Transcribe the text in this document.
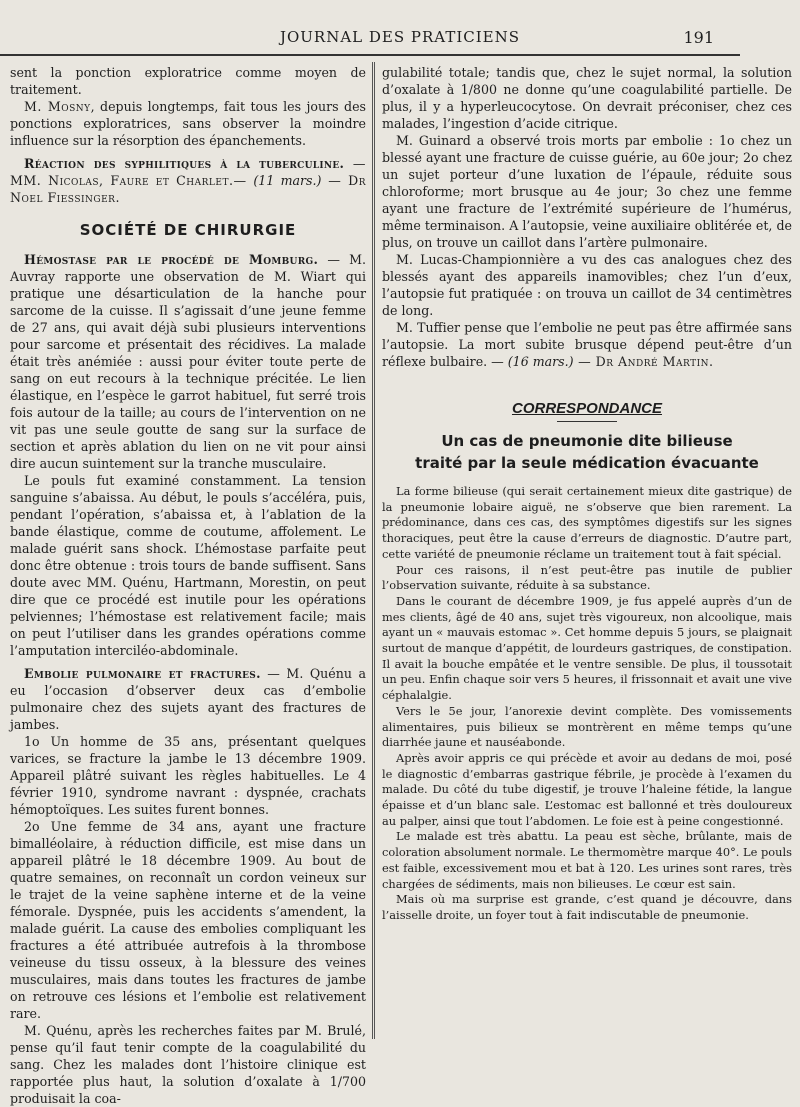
JOURNAL DES PRATICIENS	191

sent la ponction exploratrice comme moyen de traitement.

M. Mosny, depuis longtemps, fait tous les jours des ponctions exploratrices, sans observer la moindre influence sur la résorption des épanchements.

Réaction des syphilitiques à la tuberculine. — MM. Nicolas, Faure et Charlet.— (11 mars.) — Dr Noel Fiessinger.

SOCIÉTÉ DE CHIRURGIE

Hémostase par le procédé de Momburg. — M. Auvray rapporte une observation de M. Wiart qui pratique une désarticulation de la hanche pour sarcome de la cuisse. Il s’agissait d’une jeune femme de 27 ans, qui avait déjà subi plusieurs interventions pour sarcome et présentait des récidives. La malade était très anémiée : aussi pour éviter toute perte de sang on eut recours à la technique précitée. Le lien élastique, en l’espèce le garrot habituel, fut serré trois fois autour de la taille; au cours de l’intervention on ne vit pas une seule goutte de sang sur la surface de section et après ablation du lien on ne vit pour ainsi dire aucun suintement sur la tranche musculaire.

Le pouls fut examiné constamment. La tension sanguine s’abaissa. Au début, le pouls s’accéléra, puis, pendant l’opération, s’abaissa et, à l’ablation de la bande élastique, comme de coutume, affolement. Le malade guérit sans shock. L’hémostase parfaite peut donc être obtenue : trois tours de bande suffisent. Sans doute avec MM. Quénu, Hartmann, Morestin, on peut dire que ce procédé est inutile pour les opérations pelviennes; l’hémostase est relativement facile; mais on peut l’utiliser dans les grandes opérations comme l’amputation interciléo-abdominale.

Embolie pulmonaire et fractures. — M. Quénu a eu l’occasion d’observer deux cas d’embolie pulmonaire chez des sujets ayant des fractures de jambes.

1o Un homme de 35 ans, présentant quelques varices, se fracture la jambe le 13 décembre 1909. Appareil plâtré suivant les règles habituelles. Le 4 février 1910, syndrome navrant : dyspnée, crachats hémoptoïques. Les suites furent bonnes.

2o Une femme de 34 ans, ayant une fracture bimalléolaire, à réduction difficile, est mise dans un appareil plâtré le 18 décembre 1909. Au bout de quatre semaines, on reconnaît un cordon veineux sur le trajet de la veine saphène interne et de la veine fémorale. Dyspnée, puis les accidents s’amendent, la malade guérit. La cause des embolies compliquant les fractures a été attribuée autrefois à la thrombose veineuse du tissu osseux, à la blessure des veines musculaires, mais dans toutes les fractures de jambe on retrouve ces lésions et l’embolie est relativement rare.

M. Quénu, après les recherches faites par M. Brulé, pense qu’il faut tenir compte de la coagulabilité du sang. Chez les malades dont l’histoire clinique est rapportée plus haut, la solution d’oxalate à 1/700 produisait la coa-

gulabilité totale; tandis que, chez le sujet normal, la solution d’oxalate à 1/800 ne donne qu’une coagulabilité partielle. De plus, il y a hyperleucocytose. On devrait préconiser, chez ces malades, l’ingestion d’acide citrique.

M. Guinard a observé trois morts par embolie : 1o chez un blessé ayant une fracture de cuisse guérie, au 60e jour; 2o chez un sujet porteur d’une luxation de l’épaule, réduite sous chloroforme; mort brusque au 4e jour; 3o chez une femme ayant une fracture de l’extrémité supérieure de l’humérus, même terminaison. A l’autopsie, veine auxiliaire oblitérée et, de plus, on trouve un caillot dans l’artère pulmonaire.

M. Lucas-Championnière a vu des cas analogues chez des blessés ayant des appareils inamovibles; chez l’un d’eux, l’autopsie fut pratiquée : on trouva un caillot de 34 centimètres de long.

M. Tuffier pense que l’embolie ne peut pas être affirmée sans l’autopsie. La mort subite brusque dépend peut-être d’un réflexe bulbaire. — (16 mars.) — Dr André Martin.

CORRESPONDANCE
Un cas de pneumonie dite bilieuse
traité par la seule médication évacuante

La forme bilieuse (qui serait certainement mieux dite gastrique) de la pneumonie lobaire aiguë, ne s’observe que bien rarement. La prédominance, dans ces cas, des symptômes digestifs sur les signes thoraciques, peut être la cause d’erreurs de diagnostic. D’autre part, cette variété de pneumonie réclame un traitement tout à fait spécial.

Pour ces raisons, il n’est peut-être pas inutile de publier l’observation suivante, réduite à sa substance.

Dans le courant de décembre 1909, je fus appelé auprès d’un de mes clients, âgé de 40 ans, sujet très vigoureux, non alcoolique, mais ayant un « mauvais estomac ». Cet homme depuis 5 jours, se plaignait surtout de manque d’appétit, de lourdeurs gastriques, de constipation. Il avait la bouche empâtée et le ventre sensible. De plus, il toussotait un peu. Enfin chaque soir vers 5 heures, il frissonnait et avait une vive céphalalgie.

Vers le 5e jour, l’anorexie devint complète. Des vomissements alimentaires, puis bilieux se montrèrent en même temps qu’une diarrhée jaune et nauséabonde.

Après avoir appris ce qui précède et avoir au dedans de moi, posé le diagnostic d’embarras gastrique fébrile, je procède à l’examen du malade. Du côté du tube digestif, je trouve l’haleine fétide, la langue épaisse et d’un blanc sale. L’estomac est ballonné et très douloureux au palper, ainsi que tout l’abdomen. Le foie est à peine congestionné.

Le malade est très abattu. La peau est sèche, brûlante, mais de coloration absolument normale. Le thermomètre marque 40°. Le pouls est faible, excessivement mou et bat à 120. Les urines sont rares, très chargées de sédiments, mais non bilieuses. Le cœur est sain.

Mais où ma surprise est grande, c’est quand je découvre, dans l’aisselle droite, un foyer tout à fait indiscutable de pneumonie.
